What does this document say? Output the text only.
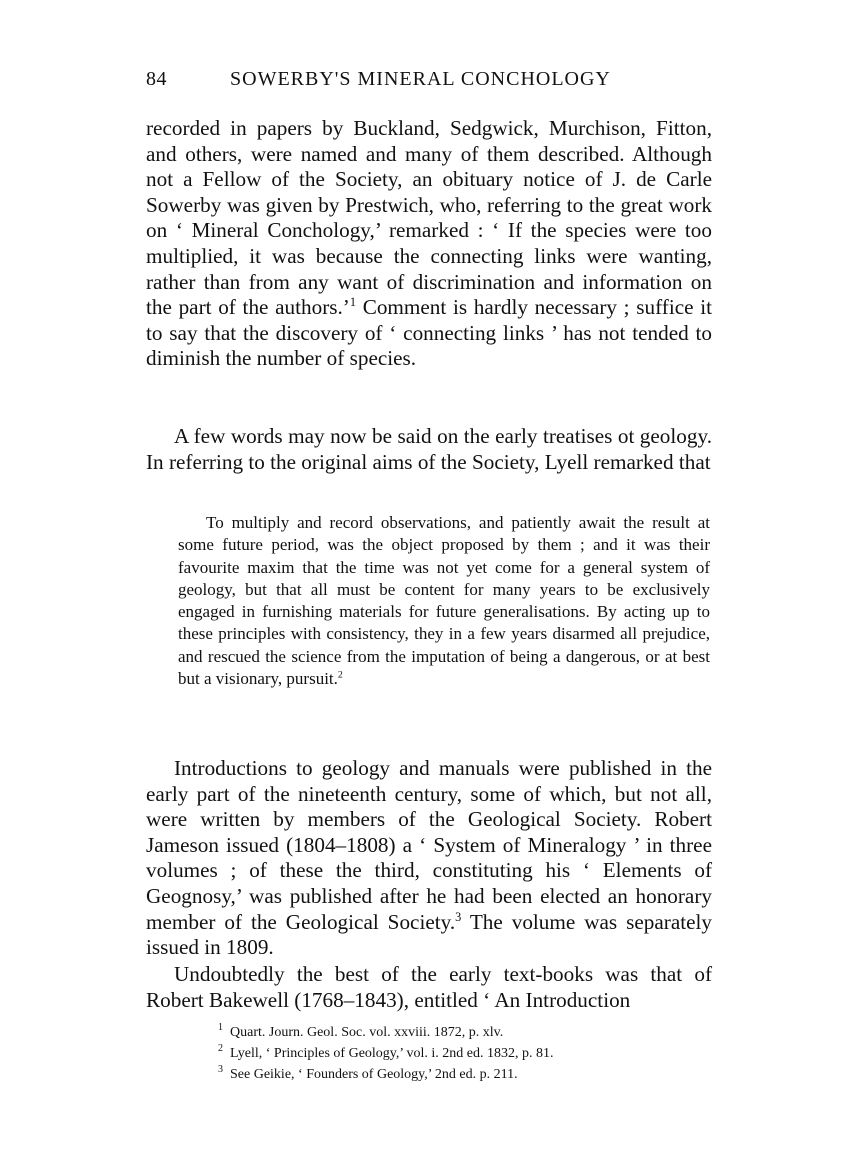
84	SOWERBY'S MINERAL CONCHOLOGY
recorded in papers by Buckland, Sedgwick, Murchison, Fitton, and others, were named and many of them described. Although not a Fellow of the Society, an obituary notice of J. de Carle Sowerby was given by Prestwich, who, referring to the great work on ‘ Mineral Conchology,’ remarked : ‘ If the species were too multiplied, it was because the connecting links were wanting, rather than from any want of discrimination and information on the part of the authors.’$^1$ Comment is hardly necessary ; suffice it to say that the discovery of ‘ connecting links ’ has not tended to diminish the number of species.
A few words may now be said on the early treatises ot geology. In referring to the original aims of the Society, Lyell remarked that

To multiply and record observations, and patiently await the result at some future period, was the object proposed by them ; and it was their favourite maxim that the time was not yet come for a general system of geology, but that all must be content for many years to be exclusively engaged in furnishing materials for future generalisations. By acting up to these principles with consistency, they in a few years disarmed all prejudice, and rescued the science from the imputation of being a dangerous, or at best but a visionary, pursuit.$^2$

Introductions to geology and manuals were published in the early part of the nineteenth century, some of which, but not all, were written by members of the Geological Society. Robert Jameson issued (1804–1808) a ‘ System of Mineralogy ’ in three volumes ; of these the third, constituting his ‘ Elements of Geognosy,’ was published after he had been elected an honorary member of the Geological Society.$^3$ The volume was separately issued in 1809.
Undoubtedly the best of the early text-books was that of Robert Bakewell (1768–1843), entitled ‘ An Introduction
1 Quart. Journ. Geol. Soc. vol. xxviii. 1872, p. xlv.
2 Lyell, ‘ Principles of Geology,’ vol. i. 2nd ed. 1832, p. 81.
3 See Geikie, ‘ Founders of Geology,’ 2nd ed. p. 211.
